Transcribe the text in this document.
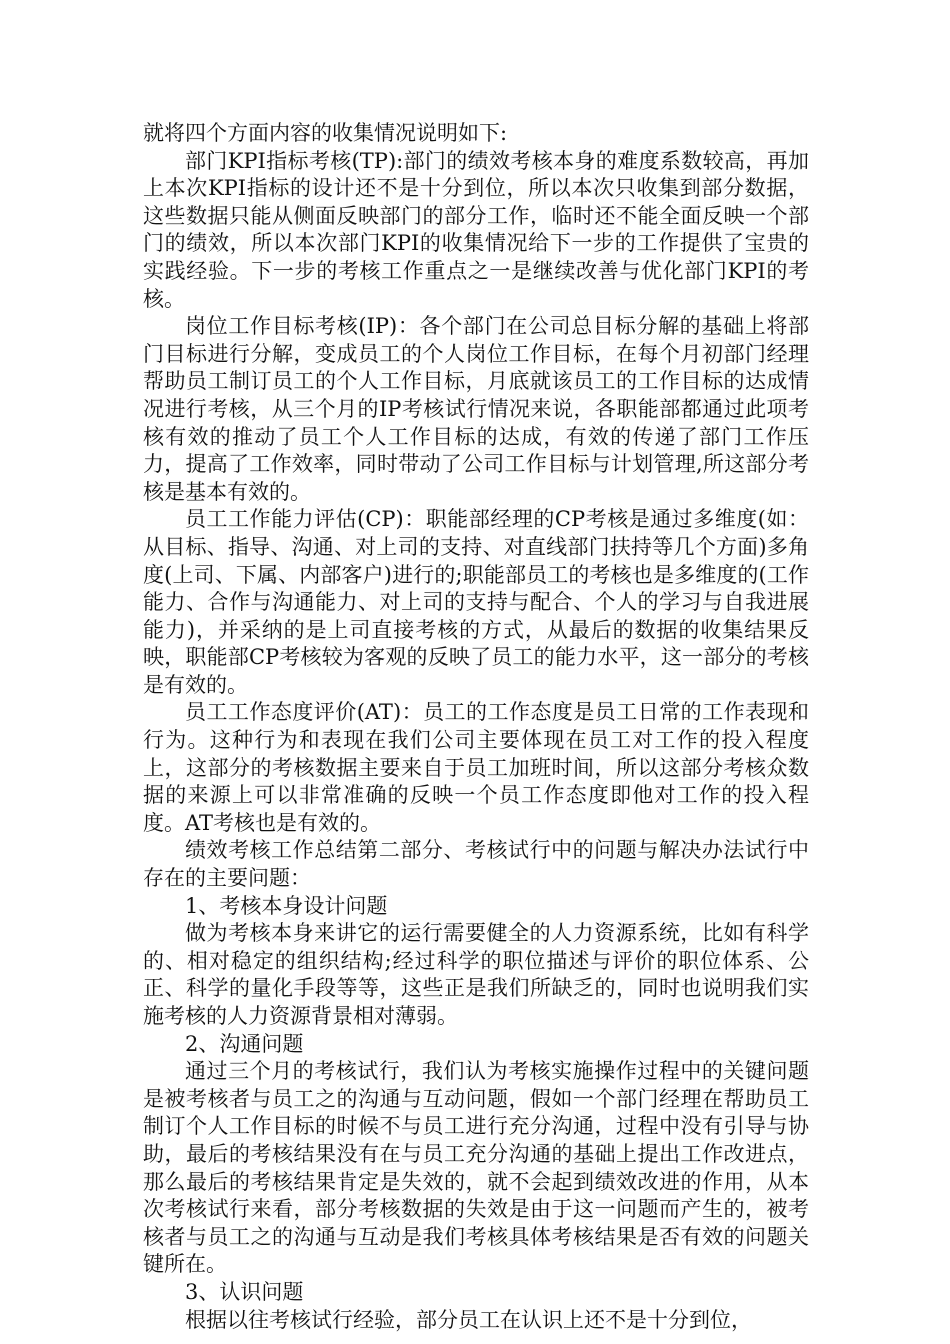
就将四个方面内容的收集情况说明如下:

部门KPI指标考核(TP):部门的绩效考核本身的难度系数较高，再加上本次KPI指标的设计还不是十分到位，所以本次只收集到部分数据，这些数据只能从侧面反映部门的部分工作，临时还不能全面反映一个部门的绩效，所以本次部门KPI的收集情况给下一步的工作提供了宝贵的实践经验。下一步的考核工作重点之一是继续改善与优化部门KPI的考核。

岗位工作目标考核(IP)：各个部门在公司总目标分解的基础上将部门目标进行分解，变成员工的个人岗位工作目标，在每个月初部门经理帮助员工制订员工的个人工作目标，月底就该员工的工作目标的达成情况进行考核，从三个月的IP考核试行情况来说，各职能部都通过此项考核有效的推动了员工个人工作目标的达成，有效的传递了部门工作压力，提高了工作效率，同时带动了公司工作目标与计划管理,所这部分考核是基本有效的。

员工工作能力评估(CP)：职能部经理的CP考核是通过多维度(如：从目标、指导、沟通、对上司的支持、对直线部门扶持等几个方面)多角度(上司、下属、内部客户)进行的;职能部员工的考核也是多维度的(工作能力、合作与沟通能力、对上司的支持与配合、个人的学习与自我进展能力)，并采纳的是上司直接考核的方式，从最后的数据的收集结果反映，职能部CP考核较为客观的反映了员工的能力水平，这一部分的考核是有效的。

员工工作态度评价(AT)：员工的工作态度是员工日常的工作表现和行为。这种行为和表现在我们公司主要体现在员工对工作的投入程度上，这部分的考核数据主要来自于员工加班时间，所以这部分考核众数据的来源上可以非常准确的反映一个员工作态度即他对工作的投入程度。AT考核也是有效的。

绩效考核工作总结第二部分、考核试行中的问题与解决办法试行中存在的主要问题：

1、考核本身设计问题

做为考核本身来讲它的运行需要健全的人力资源系统，比如有科学的、相对稳定的组织结构;经过科学的职位描述与评价的职位体系、公正、科学的量化手段等等，这些正是我们所缺乏的，同时也说明我们实施考核的人力资源背景相对薄弱。

2、沟通问题

通过三个月的考核试行，我们认为考核实施操作过程中的关键问题是被考核者与员工之的沟通与互动问题，假如一个部门经理在帮助员工制订个人工作目标的时候不与员工进行充分沟通，过程中没有引导与协助，最后的考核结果没有在与员工充分沟通的基础上提出工作改进点，那么最后的考核结果肯定是失效的，就不会起到绩效改进的作用，从本次考核试行来看，部分考核数据的失效是由于这一问题而产生的，被考核者与员工之的沟通与互动是我们考核具体考核结果是否有效的问题关键所在。

3、认识问题

根据以往考核试行经验，部分员工在认识上还不是十分到位，
